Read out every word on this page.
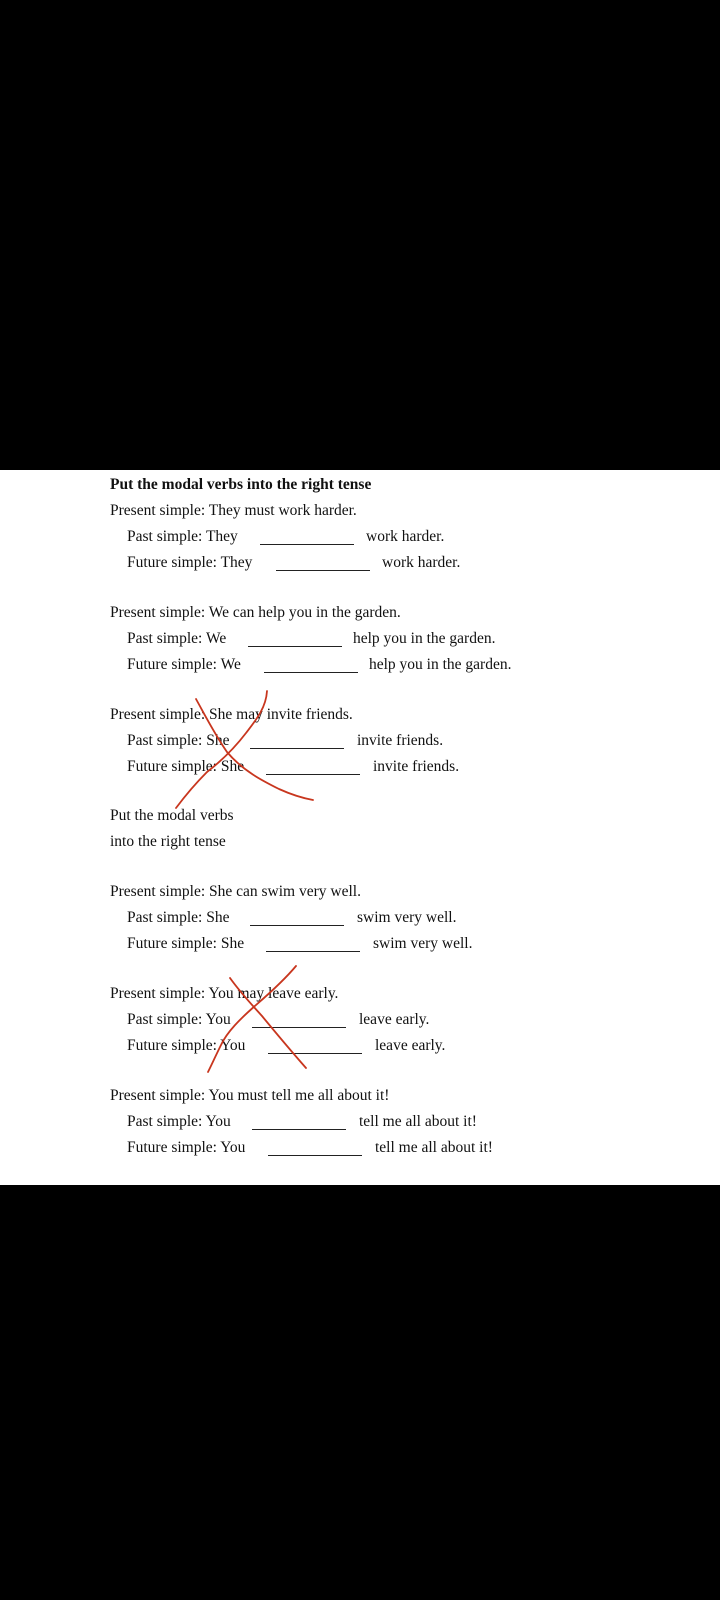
Put the modal verbs into the right tense
Present simple: They must work harder.
Past simple: They	work harder.
Future simple: They	work harder.
Present simple: We can help you in the garden.
Past simple: We	help you in the garden.
Future simple: We	help you in the garden.
Present simple: She may invite friends.
Past simple: She	invite friends.
Future simple: She	invite friends.
Put the modal verbs
into the right tense
Present simple: She can swim very well.
Past simple: She	swim very well.
Future simple: She	swim very well.
Present simple: You may leave early.
Past simple: You	leave early.
Future simple: You	leave early.
Present simple: You must tell me all about it!
Past simple: You	tell me all about it!
Future simple: You	tell me all about it!
